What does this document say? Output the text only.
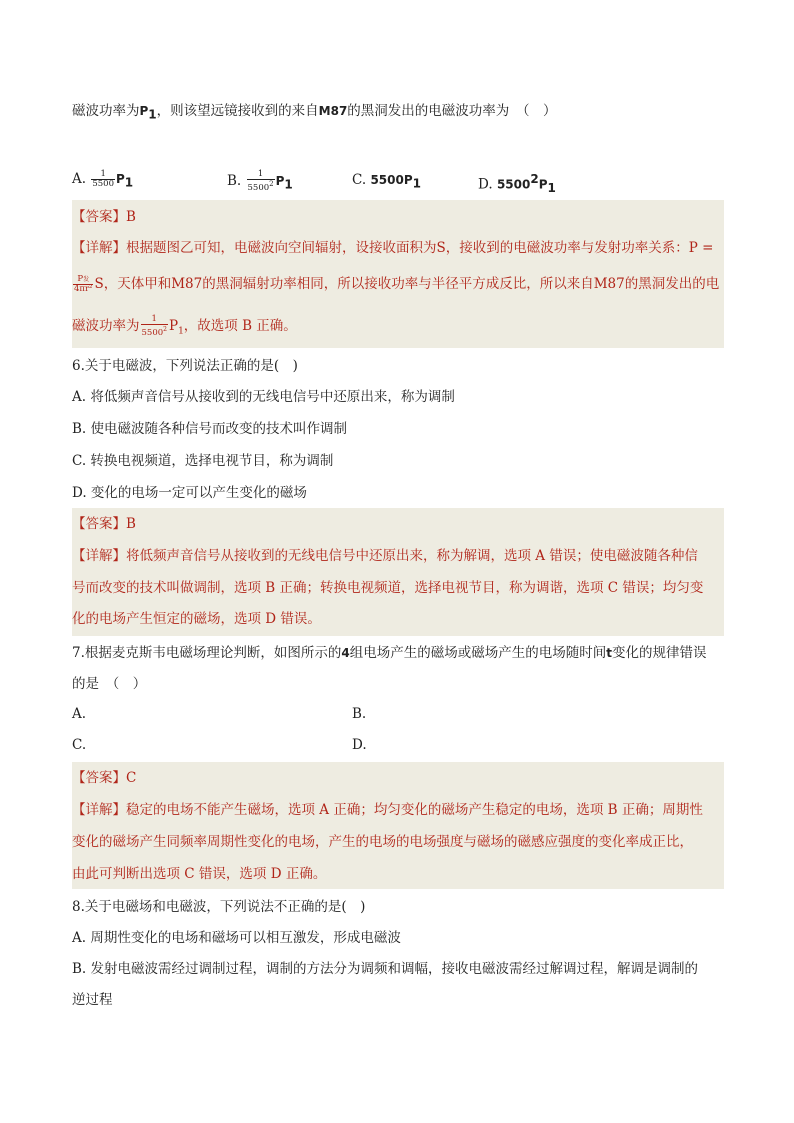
磁波功率为P1，则该望远镜接收到的来自M87的黑洞发出的电磁波功率为　（　）
A. $\frac{1}{5500} P1$	B. $\frac{1}{5500^2} P1$	C. 5500P1	D. 55002P1
【答案】B
【详解】根据题图乙可知，电磁波向空间辐射，设接收面积为S，接收到的电磁波功率与发射功率关系：P =
$\frac{\text{P发}}{\text{4πr²}}$ S，天体甲和M87的黑洞辐射功率相同，所以接收功率与半径平方成反比，所以来自M87的黑洞发出的电
磁波功率为 $\frac{1}{5500^2} P_1$，故选项 B 正确。
6.关于电磁波，下列说法正确的是(　)
A. 将低频声音信号从接收到的无线电信号中还原出来，称为调制
B. 使电磁波随各种信号而改变的技术叫作调制
C. 转换电视频道，选择电视节目，称为调制
D. 变化的电场一定可以产生变化的磁场
【答案】B
【详解】将低频声音信号从接收到的无线电信号中还原出来，称为解调，选项 A 错误；使电磁波随各种信
号而改变的技术叫做调制，选项 B 正确；转换电视频道，选择电视节目，称为调谐，选项 C 错误；均匀变
化的电场产生恒定的磁场，选项 D 错误。
7.根据麦克斯韦电磁场理论判断，如图所示的4组电场产生的磁场或磁场产生的电场随时间t变化的规律错误
的是　（　）
A.	B.
C.	D.
【答案】C
【详解】稳定的电场不能产生磁场，选项 A 正确；均匀变化的磁场产生稳定的电场，选项 B 正确；周期性
变化的磁场产生同频率周期性变化的电场，产生的电场的电场强度与磁场的磁感应强度的变化率成正比，
由此可判断出选项 C 错误，选项 D 正确。
8.关于电磁场和电磁波，下列说法不正确的是(　)
A. 周期性变化的电场和磁场可以相互激发，形成电磁波
B. 发射电磁波需经过调制过程，调制的方法分为调频和调幅，接收电磁波需经过解调过程，解调是调制的
逆过程
